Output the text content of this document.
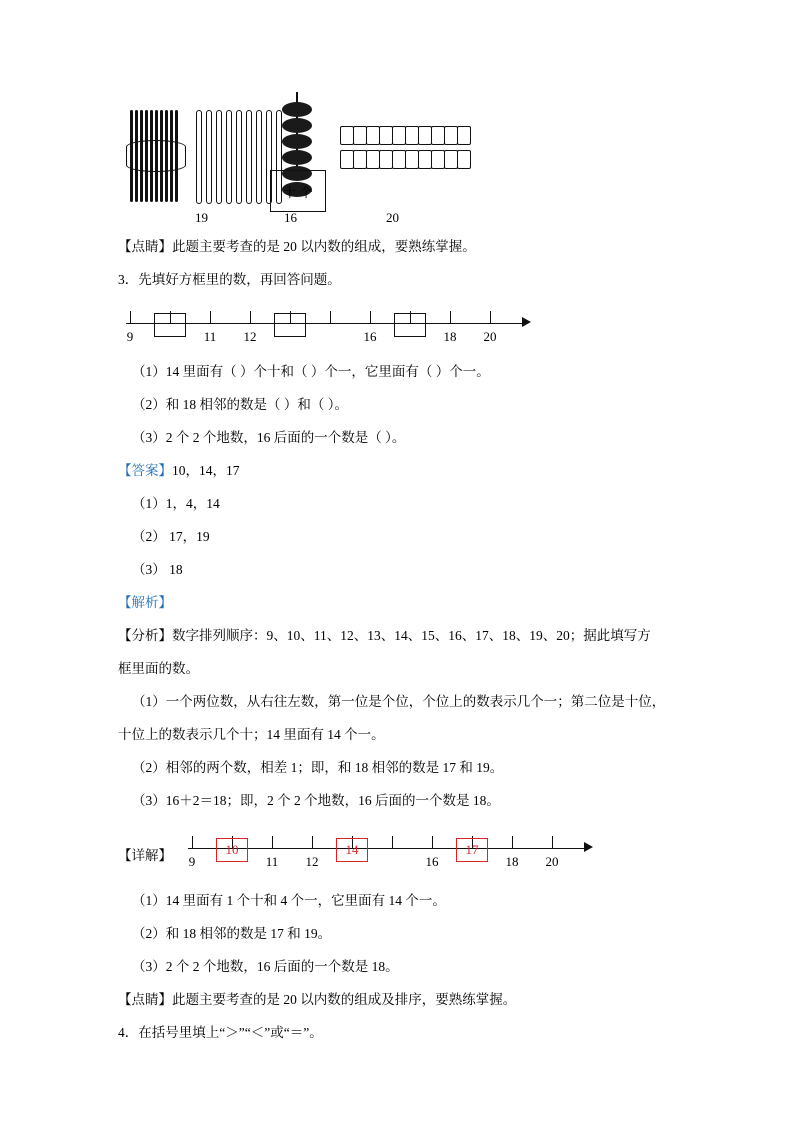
十 个
19	16	20

【点睛】此题主要考查的是 20 以内数的组成，要熟练掌握。

3．先填好方框里的数，再回答问题。

9	11 12	16	18 20

（1）14 里面有（ ）个十和（ ）个一，它里面有（ ）个一。

（2）和 18 相邻的数是（ ）和（ ）。

（3）2 个 2 个地数，16 后面的一个数是（ ）。

【答案】10，14，17

（1）1，4，14

（2） 17，19

（3） 18

【解析】

【分析】数字排列顺序：9、10、11、12、13、14、15、16、17、18、19、20；据此填写方

框里面的数。

（1）一个两位数，从右往左数，第一位是个位，个位上的数表示几个一；第二位是十位，

十位上的数表示几个十；14 里面有 14 个一。

（2）相邻的两个数，相差 1；即，和 18 相邻的数是 17 和 19。

（3）16＋2＝18；即，2 个 2 个地数，16 后面的一个数是 18。

【详解】	10	14	17
9	11 12	16	18 20

（1）14 里面有 1 个十和 4 个一，它里面有 14 个一。

（2）和 18 相邻的数是 17 和 19。

（3）2 个 2 个地数，16 后面的一个数是 18。

【点睛】此题主要考查的是 20 以内数的组成及排序，要熟练掌握。

4．在括号里填上“＞”“＜”或“＝”。
